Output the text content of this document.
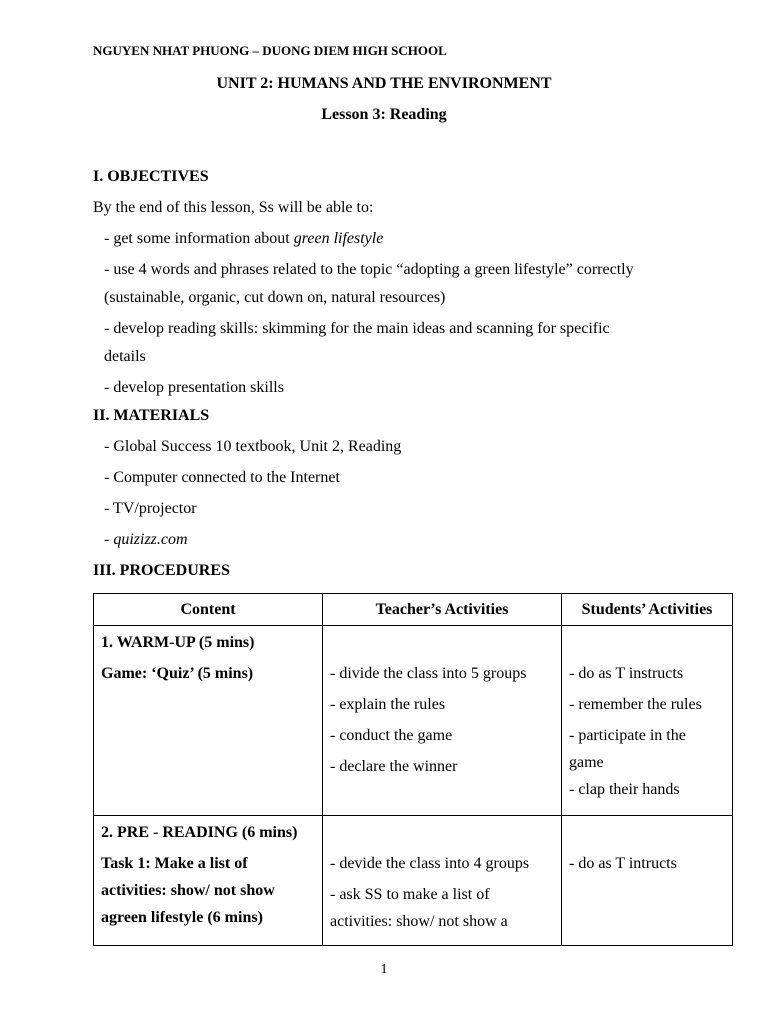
NGUYEN NHAT PHUONG – DUONG DIEM HIGH SCHOOL
UNIT 2: HUMANS AND THE ENVIRONMENT
Lesson 3: Reading
I. OBJECTIVES
By the end of this lesson, Ss will be able to:
- get some information about green lifestyle
- use 4 words and phrases related to the topic “adopting a green lifestyle” correctly
(sustainable, organic, cut down on, natural resources)
- develop reading skills: skimming for the main ideas and scanning for specific
details
- develop presentation skills
II. MATERIALS
- Global Success 10 textbook, Unit 2, Reading
- Computer connected to the Internet
- TV/projector
- quizizz.com
III. PROCEDURES
Content	Teacher’s Activities	Students’ Activities

1. WARM-UP (5 mins)
Game: ‘Quiz’ (5 mins)	- divide the class into 5 groups
- explain the rules
- conduct the game
- declare the winner	- do as T instructs
- remember the rules
- participate in the
game
- clap their hands

2. PRE - READING (6 mins)
Task 1: Make a list of
activities: show/ not show
agreen lifestyle (6 mins)	- devide the class into 4 groups
- ask SS to make a list of
activities: show/ not show a	- do as T intructs
1
